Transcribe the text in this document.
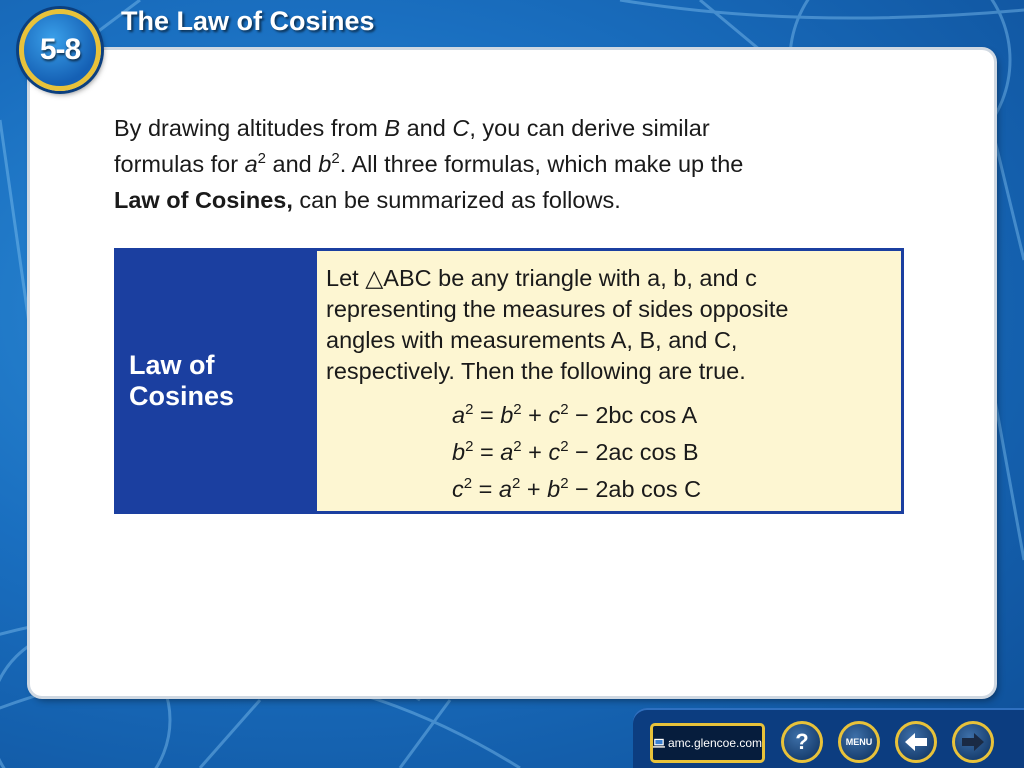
5-8
The Law of Cosines

By drawing altitudes from B and C, you can derive similar
formulas for $a^2$ and $b^2$. All three formulas, which make up the
Law of Cosines, can be summarized as follows.

Law of Cosines

Let △ABC be any triangle with a, b, and c

representing the measures of sides opposite

angles with measurements A, B, and C,

respectively. Then the following are true.

$a^2 = b^2 + c^2 - 2bc$ cos A
$b^2 = a^2 + c^2 - 2ac$ cos B
$c^2 = a^2 + b^2 - 2ab$ cos C
amc.glencoe.com ?	MENU
